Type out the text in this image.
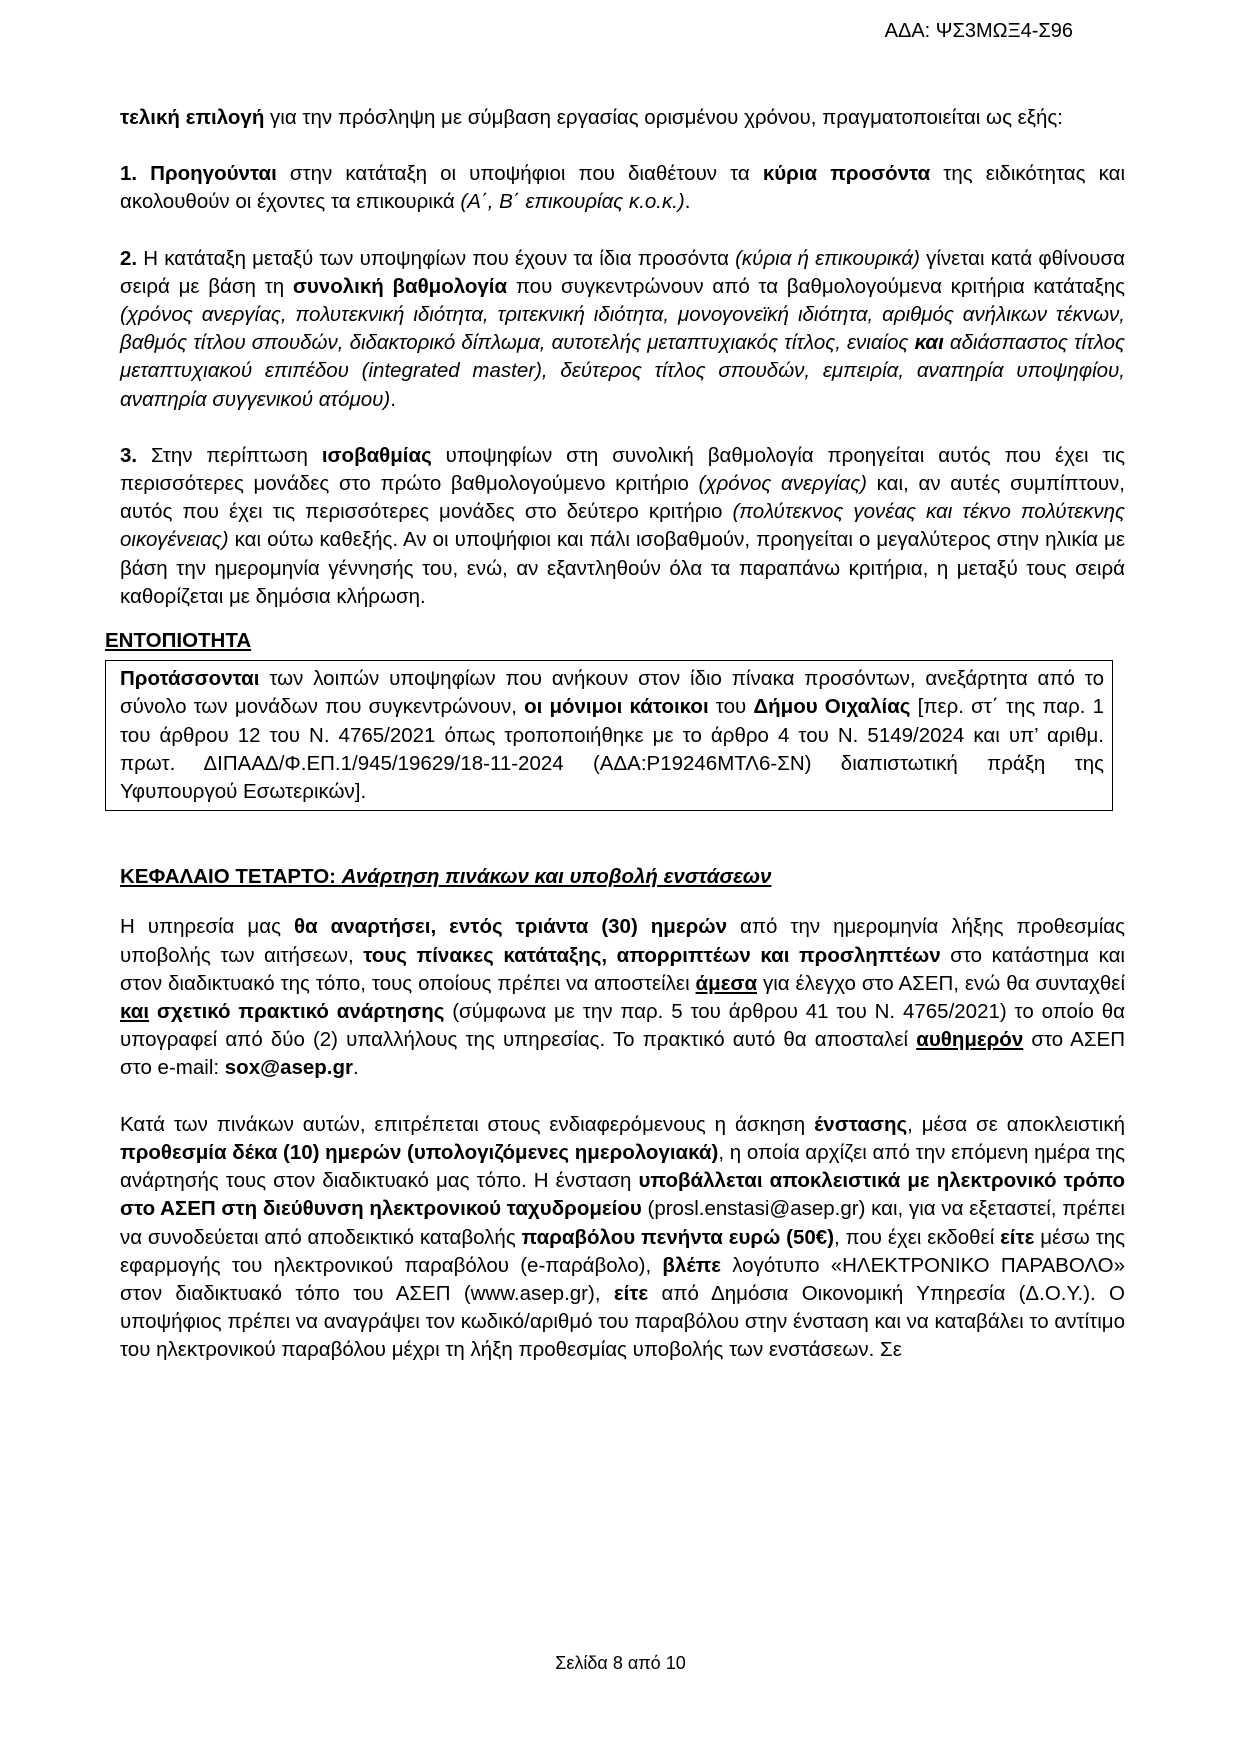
ΑΔΑ: ΨΣ3ΜΩΞ4-Σ96

τελική επιλογή για την πρόσληψη με σύμβαση εργασίας ορισμένου χρόνου, πραγματοποιείται ως εξής:

1. Προηγούνται στην κατάταξη οι υποψήφιοι που διαθέτουν τα κύρια προσόντα της ειδικότητας και ακολουθούν οι έχοντες τα επικουρικά (Α΄, Β΄ επικουρίας κ.ο.κ.).

2. Η κατάταξη μεταξύ των υποψηφίων που έχουν τα ίδια προσόντα (κύρια ή επικουρικά) γίνεται κατά φθίνουσα σειρά με βάση τη συνολική βαθμολογία που συγκεντρώνουν από τα βαθμολογούμενα κριτήρια κατάταξης (χρόνος ανεργίας, πολυτεκνική ιδιότητα, τριτεκνική ιδιότητα, μονογονεϊκή ιδιότητα, αριθμός ανήλικων τέκνων, βαθμός τίτλου σπουδών, διδακτορικό δίπλωμα, αυτοτελής μεταπτυχιακός τίτλος, ενιαίος και αδιάσπαστος τίτλος μεταπτυχιακού επιπέδου (integrated master), δεύτερος τίτλος σπουδών, εμπειρία, αναπηρία υποψηφίου, αναπηρία συγγενικού ατόμου).

3. Στην περίπτωση ισοβαθμίας υποψηφίων στη συνολική βαθμολογία προηγείται αυτός που έχει τις περισσότερες μονάδες στο πρώτο βαθμολογούμενο κριτήριο (χρόνος ανεργίας) και, αν αυτές συμπίπτουν, αυτός που έχει τις περισσότερες μονάδες στο δεύτερο κριτήριο (πολύτεκνος γονέας και τέκνο πολύτεκνης οικογένειας) και ούτω καθεξής. Αν οι υποψήφιοι και πάλι ισοβαθμούν, προηγείται ο μεγαλύτερος στην ηλικία με βάση την ημερομηνία γέννησής του, ενώ, αν εξαντληθούν όλα τα παραπάνω κριτήρια, η μεταξύ τους σειρά καθορίζεται με δημόσια κλήρωση.

ΕΝΤΟΠΙΟΤΗΤΑ

Προτάσσονται των λοιπών υποψηφίων που ανήκουν στον ίδιο πίνακα προσόντων, ανεξάρτητα από το σύνολο των μονάδων που συγκεντρώνουν, οι μόνιμοι κάτοικοι του Δήμου Οιχαλίας [περ. στ΄ της παρ. 1 του άρθρου 12 του Ν. 4765/2021 όπως τροποποιήθηκε με το άρθρο 4 του Ν. 5149/2024 και υπ’ αριθμ. πρωτ. ΔΙΠΑΑΔ/Φ.ΕΠ.1/945/19629/18-11-2024 (ΑΔΑ:Ρ19246ΜΤΛ6-ΣΝ) διαπιστωτική πράξη της Υφυπουργού Εσωτερικών].

ΚΕΦΑΛΑΙΟ ΤΕΤΑΡΤΟ: Ανάρτηση πινάκων και υποβολή ενστάσεων

Η υπηρεσία μας θα αναρτήσει, εντός τριάντα (30) ημερών από την ημερομηνία λήξης προθεσμίας υποβολής των αιτήσεων, τους πίνακες κατάταξης, απορριπτέων και προσληπτέων στο κατάστημα και στον διαδικτυακό της τόπο, τους οποίους πρέπει να αποστείλει άμεσα για έλεγχο στο ΑΣΕΠ, ενώ θα συνταχθεί και σχετικό πρακτικό ανάρτησης (σύμφωνα με την παρ. 5 του άρθρου 41 του Ν. 4765/2021) το οποίο θα υπογραφεί από δύο (2) υπαλλήλους της υπηρεσίας. Το πρακτικό αυτό θα αποσταλεί αυθημερόν στο ΑΣΕΠ στο e-mail: sox@asep.gr.

Κατά των πινάκων αυτών, επιτρέπεται στους ενδιαφερόμενους η άσκηση ένστασης, μέσα σε αποκλειστική προθεσμία δέκα (10) ημερών (υπολογιζόμενες ημερολογιακά), η οποία αρχίζει από την επόμενη ημέρα της ανάρτησής τους στον διαδικτυακό μας τόπο. Η ένσταση υποβάλλεται αποκλειστικά με ηλεκτρονικό τρόπο στο ΑΣΕΠ στη διεύθυνση ηλεκτρονικού ταχυδρομείου (prosl.enstasi@asep.gr) και, για να εξεταστεί, πρέπει να συνοδεύεται από αποδεικτικό καταβολής παραβόλου πενήντα ευρώ (50€), που έχει εκδοθεί είτε μέσω της εφαρμογής του ηλεκτρονικού παραβόλου (e-παράβολο), βλέπε λογότυπο «ΗΛΕΚΤΡΟΝΙΚΟ ΠΑΡΑΒΟΛΟ» στον διαδικτυακό τόπο του ΑΣΕΠ (www.asep.gr), είτε από Δημόσια Οικονομική Υπηρεσία (Δ.Ο.Υ.). Ο υποψήφιος πρέπει να αναγράψει τον κωδικό/αριθμό του παραβόλου στην ένσταση και να καταβάλει το αντίτιμο του ηλεκτρονικού παραβόλου μέχρι τη λήξη προθεσμίας υποβολής των ενστάσεων. Σε

Σελίδα 8 από 10
